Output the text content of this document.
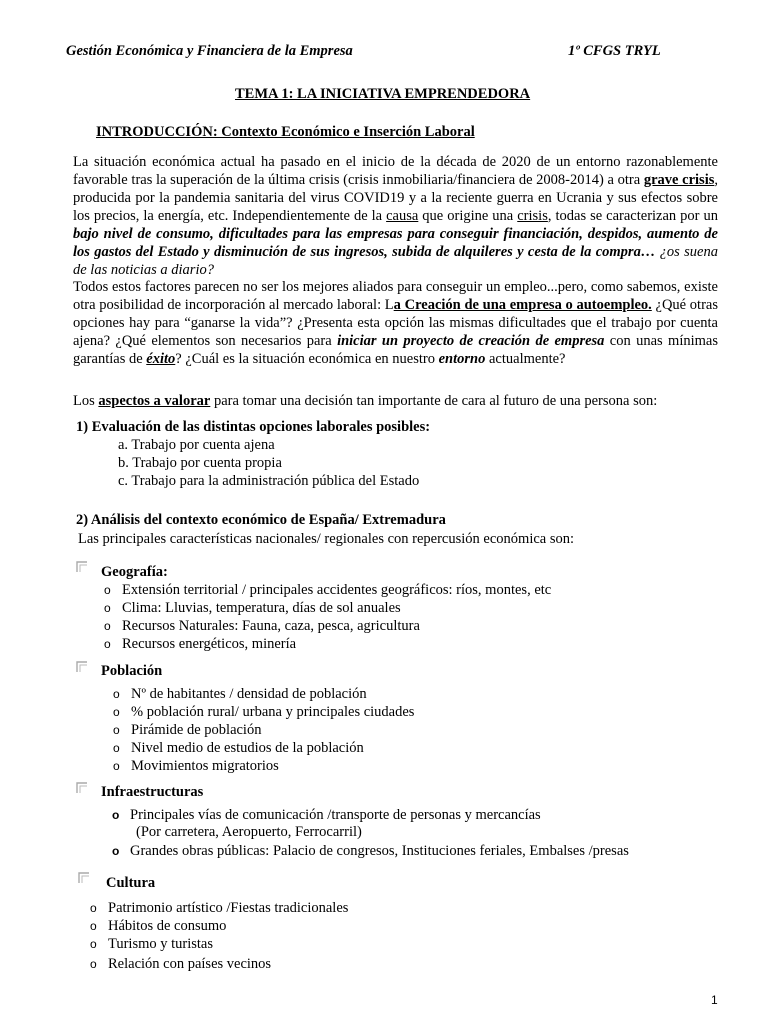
Gestión Económica y Financiera de la Empresa	1º CFGS TRYL
TEMA 1: LA INICIATIVA EMPRENDEDORA
INTRODUCCIÓN: Contexto Económico e Inserción Laboral
La situación económica actual ha pasado en el inicio de la década de 2020 de un entorno razonablemente favorable tras la superación de la última crisis (crisis inmobiliaria/financiera de 2008-2014) a otra grave crisis, producida por la pandemia sanitaria del virus COVID19 y a la reciente guerra en Ucrania y sus efectos sobre los precios, la energía, etc. Independientemente de la causa que origine una crisis, todas se caracterizan por un bajo nivel de consumo, dificultades para las empresas para conseguir financiación, despidos, aumento de los gastos del Estado y disminución de sus ingresos, subida de alquileres y cesta de la compra… ¿os suena de las noticias a diario?
Todos estos factores parecen no ser los mejores aliados para conseguir un empleo...pero, como sabemos, existe otra posibilidad de incorporación al mercado laboral: La Creación de una empresa o autoempleo. ¿Qué otras opciones hay para “ganarse la vida”? ¿Presenta esta opción las mismas dificultades que el trabajo por cuenta ajena? ¿Qué elementos son necesarios para iniciar un proyecto de creación de empresa con unas mínimas garantías de éxito? ¿Cuál es la situación económica en nuestro entorno actualmente?
Los aspectos a valorar para tomar una decisión tan importante de cara al futuro de una persona son:
1) Evaluación de las distintas opciones laborales posibles:
a. Trabajo por cuenta ajena
b. Trabajo por cuenta propia
c. Trabajo para la administración pública del Estado
2) Análisis del contexto económico de España/ Extremadura
Las principales características nacionales/ regionales con repercusión económica son:
Geografía:
o Extensión territorial / principales accidentes geográficos: ríos, montes, etc
o Clima: Lluvias, temperatura, días de sol anuales
o Recursos Naturales: Fauna, caza, pesca, agricultura
o Recursos energéticos, minería
Población
o Nº de habitantes / densidad de población
o % población rural/ urbana y principales ciudades
o Pirámide de población
o Nivel medio de estudios de la población
o Movimientos migratorios
Infraestructuras
o Principales vías de comunicación /transporte de personas y mercancías
(Por carretera, Aeropuerto, Ferrocarril)
o Grandes obras públicas: Palacio de congresos, Instituciones feriales, Embalses /presas
Cultura
o Patrimonio artístico /Fiestas tradicionales
o Hábitos de consumo
o Turismo y turistas
o Relación con países vecinos
1
